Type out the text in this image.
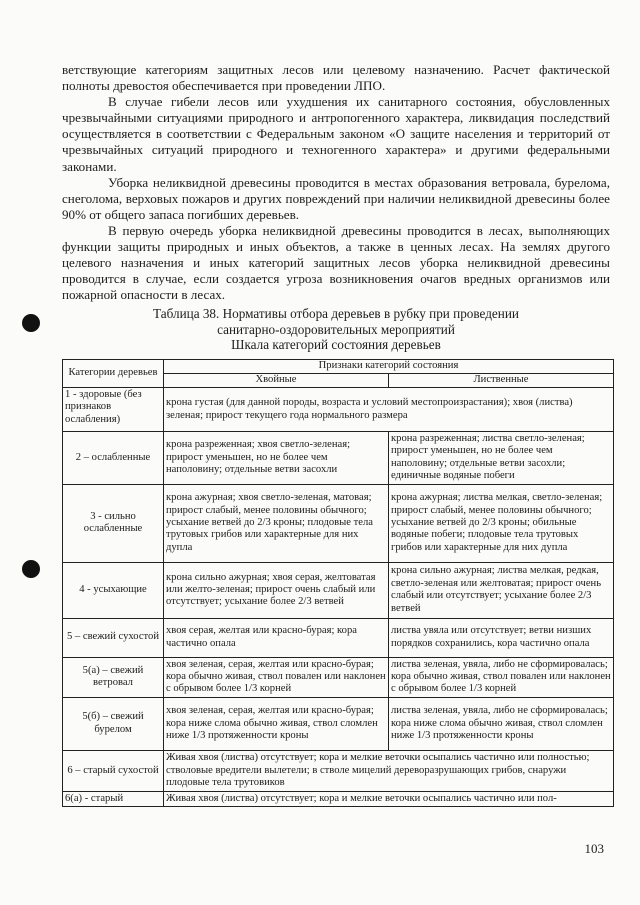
ветствующие категориям защитных лесов или целевому назначению. Расчет фактической полноты древостоя обеспечивается при проведении ЛПО.

В случае гибели лесов или ухудшения их санитарного состояния, обусловленных чрезвычайными ситуациями природного и антропогенного характера, ликвидация последствий осуществляется в соответствии с Федеральным законом «О защите населения и территорий от чрезвычайных ситуаций природного и техногенного характера» и другими федеральными законами.

Уборка неликвидной древесины проводится в местах образования ветровала, бурелома, снеголома, верховых пожаров и других повреждений при наличии неликвидной древесины более 90% от общего запаса погибших деревьев.

В первую очередь уборка неликвидной древесины проводится в лесах, выполняющих функции защиты природных и иных объектов, а также в ценных лесах. На землях другого целевого назначения и иных категорий защитных лесов уборка неликвидной древесины проводится в случае, если создается угроза возникновения очагов вредных организмов или пожарной опасности в лесах.

Таблица 38. Нормативы отбора деревьев в рубку при проведении
санитарно-оздоровительных мероприятий
Шкала категорий состояния деревьев
Категории деревьев	Признаки категорий состояния	
	Хвойные	Лиственные
1 - здоровые (без признаков ослабления)	крона густая (для данной породы, возраста и условий местопроизрастания); хвоя (листва) зеленая; прирост текущего года нормального размера	
2 – ослабленные	крона разреженная; хвоя светло-зеленая; прирост уменьшен, но не более чем наполовину; отдельные ветви засохли	крона разреженная; листва светло-зеленая; прирост уменьшен, но не более чем наполовину; отдельные ветви засохли; единичные водяные побеги
3 - сильно ослабленные	крона ажурная; хвоя светло-зеленая, матовая; прирост слабый, менее половины обычного; усыхание ветвей до 2/3 кроны; плодовые тела трутовых грибов или характерные для них дупла	крона ажурная; листва мелкая, светло-зеленая; прирост слабый, менее половины обычного; усыхание ветвей до 2/3 кроны; обильные водяные побеги; плодовые тела трутовых грибов или характерные для них дупла
4 - усыхающие	крона сильно ажурная; хвоя серая, желтоватая или желто-зеленая; прирост очень слабый или отсутствует; усыхание более 2/3 ветвей	крона сильно ажурная; листва мелкая, редкая, светло-зеленая или желтоватая; прирост очень слабый или отсутствует; усыхание более 2/3 ветвей
5 – свежий сухостой	хвоя серая, желтая или красно-бурая; кора частично опала	листва увяла или отсутствует; ветви низших порядков сохранились, кора частично опала
5(а) – свежий ветровал	хвоя зеленая, серая, желтая или красно-бурая; кора обычно живая, ствол повален или наклонен с обрывом более 1/3 корней	листва зеленая, увяла, либо не сформировалась; кора обычно живая, ствол повален или наклонен с обрывом более 1/3 корней
5(б) – свежий бурелом	хвоя зеленая, серая, желтая или красно-бурая; кора ниже слома обычно живая, ствол сломлен ниже 1/3 протяженности кроны	листва зеленая, увяла, либо не сформировалась; кора ниже слома обычно живая, ствол сломлен ниже 1/3 протяженности кроны
6 – старый сухостой	Живая хвоя (листва) отсутствует; кора и мелкие веточки осыпались частично или полностью; стволовые вредители вылетели; в стволе мицелий дереворазрушающих грибов, снаружи плодовые тела трутовиков	
6(а) - старый	Живая хвоя (листва) отсутствует; кора и мелкие веточки осыпались частично или пол-	
103
